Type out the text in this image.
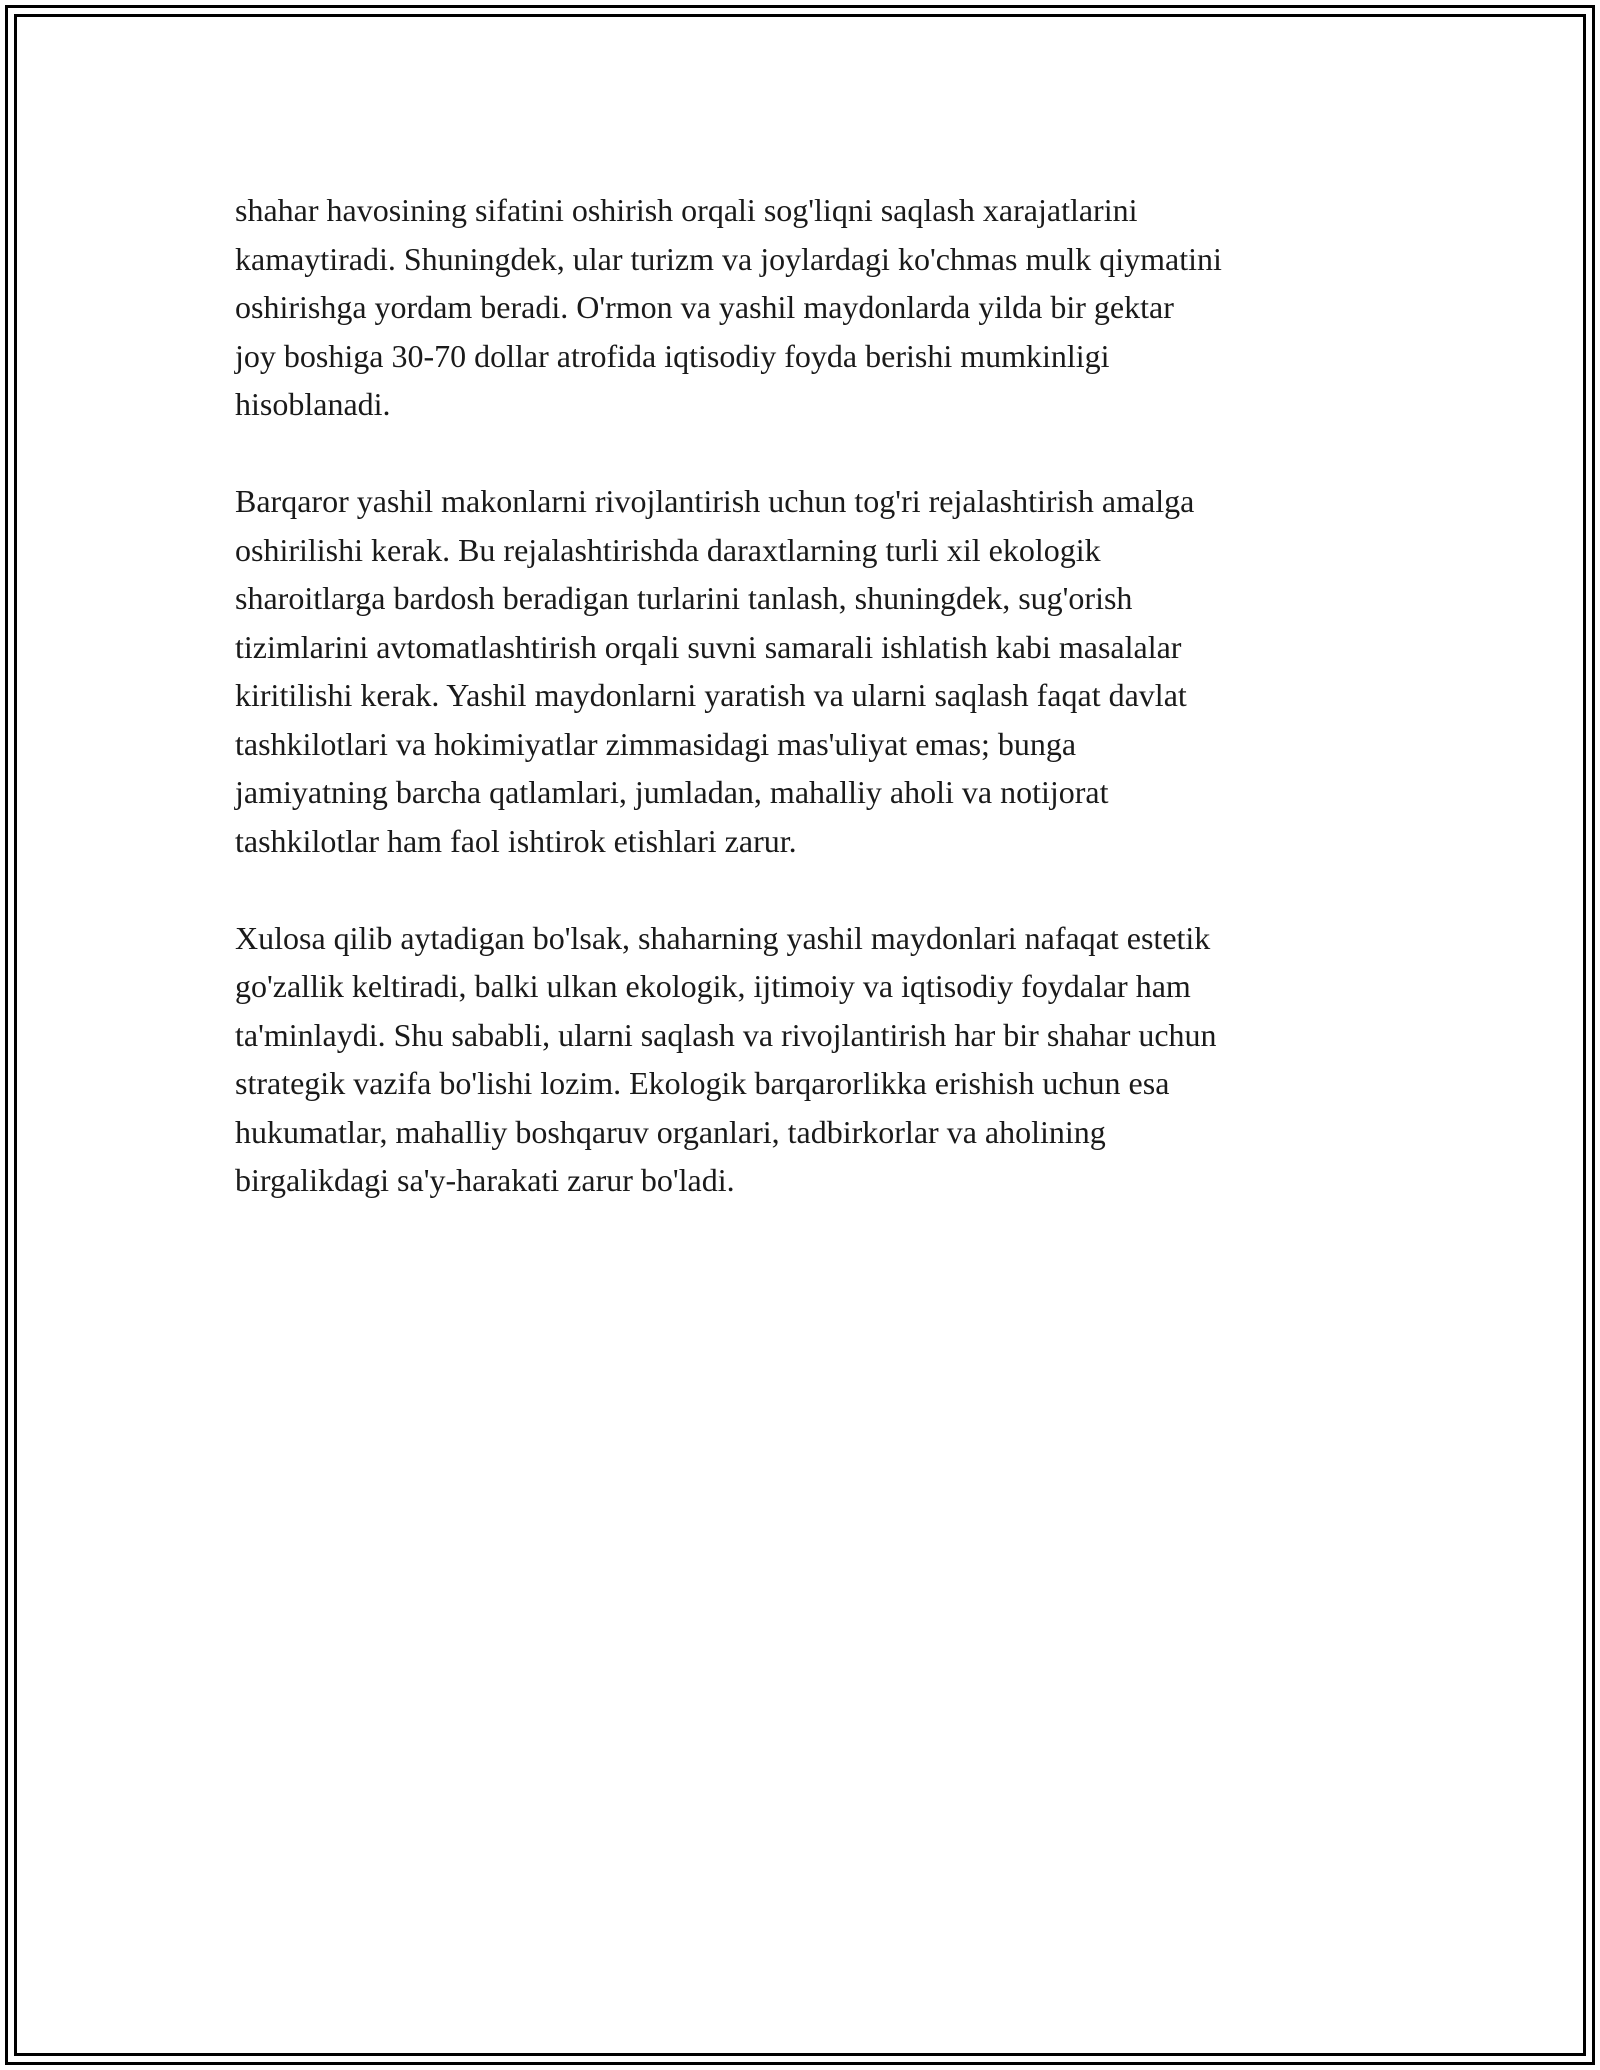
shahar havosining sifatini oshirish orqali sog'liqni saqlash xarajatlarini
kamaytiradi. Shuningdek, ular turizm va joylardagi ko'chmas mulk qiymatini
oshirishga yordam beradi. O'rmon va yashil maydonlarda yilda bir gektar
joy boshiga 30-70 dollar atrofida iqtisodiy foyda berishi mumkinligi
hisoblanadi.

Barqaror yashil makonlarni rivojlantirish uchun tog'ri rejalashtirish amalga
oshirilishi kerak. Bu rejalashtirishda daraxtlarning turli xil ekologik
sharoitlarga bardosh beradigan turlarini tanlash, shuningdek, sug'orish
tizimlarini avtomatlashtirish orqali suvni samarali ishlatish kabi masalalar
kiritilishi kerak. Yashil maydonlarni yaratish va ularni saqlash faqat davlat
tashkilotlari va hokimiyatlar zimmasidagi mas'uliyat emas; bunga
jamiyatning barcha qatlamlari, jumladan, mahalliy aholi va notijorat
tashkilotlar ham faol ishtirok etishlari zarur.

Xulosa qilib aytadigan bo'lsak, shaharning yashil maydonlari nafaqat estetik
go'zallik keltiradi, balki ulkan ekologik, ijtimoiy va iqtisodiy foydalar ham
ta'minlaydi. Shu sababli, ularni saqlash va rivojlantirish har bir shahar uchun
strategik vazifa bo'lishi lozim. Ekologik barqarorlikka erishish uchun esa
hukumatlar, mahalliy boshqaruv organlari, tadbirkorlar va aholining
birgalikdagi sa'y-harakati zarur bo'ladi.
